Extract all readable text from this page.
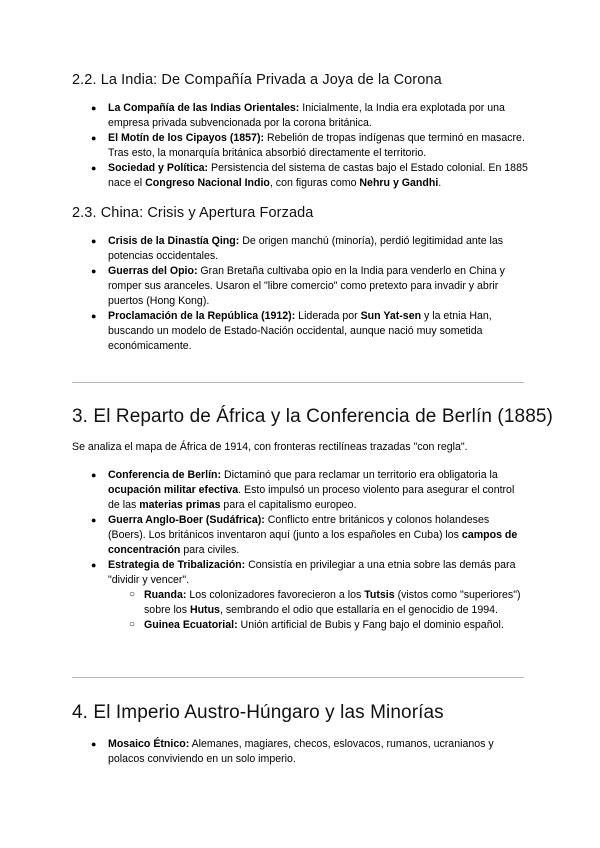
2.2. La India: De Compañía Privada a Joya de la Corona
● La Compañía de las Indias Orientales: Inicialmente, la India era explotada por una empresa privada subvencionada por la corona británica.
● El Motín de los Cipayos (1857): Rebelión de tropas indígenas que terminó en masacre. Tras esto, la monarquía británica absorbió directamente el territorio.
● Sociedad y Política: Persistencia del sistema de castas bajo el Estado colonial. En 1885 nace el Congreso Nacional Indio, con figuras como Nehru y Gandhi.
2.3. China: Crisis y Apertura Forzada
● Crisis de la Dinastía Qing: De origen manchú (minoría), perdió legitimidad ante las potencias occidentales.
● Guerras del Opio: Gran Bretaña cultivaba opio en la India para venderlo en China y romper sus aranceles. Usaron el "libre comercio" como pretexto para invadir y abrir puertos (Hong Kong).
● Proclamación de la República (1912): Liderada por Sun Yat-sen y la etnia Han, buscando un modelo de Estado-Nación occidental, aunque nació muy sometida económicamente.
3. El Reparto de África y la Conferencia de Berlín (1885)

Se analiza el mapa de África de 1914, con fronteras rectilíneas trazadas "con regla".

● Conferencia de Berlín: Dictaminó que para reclamar un territorio era obligatoria la ocupación militar efectiva. Esto impulsó un proceso violento para asegurar el control de las materias primas para el capitalismo europeo.
● Guerra Anglo-Boer (Sudáfrica): Conflicto entre británicos y colonos holandeses (Boers). Los británicos inventaron aquí (junto a los españoles en Cuba) los campos de concentración para civiles.
● Estrategia de Tribalización: Consistía en privilegiar a una etnia sobre las demás para "dividir y vencer".
○ Ruanda: Los colonizadores favorecieron a los Tutsis (vistos como "superiores") sobre los Hutus, sembrando el odio que estallaría en el genocidio de 1994.
○ Guinea Ecuatorial: Unión artificial de Bubis y Fang bajo el dominio español.
4. El Imperio Austro-Húngaro y las Minorías
● Mosaico Étnico: Alemanes, magiares, checos, eslovacos, rumanos, ucranianos y polacos conviviendo en un solo imperio.
